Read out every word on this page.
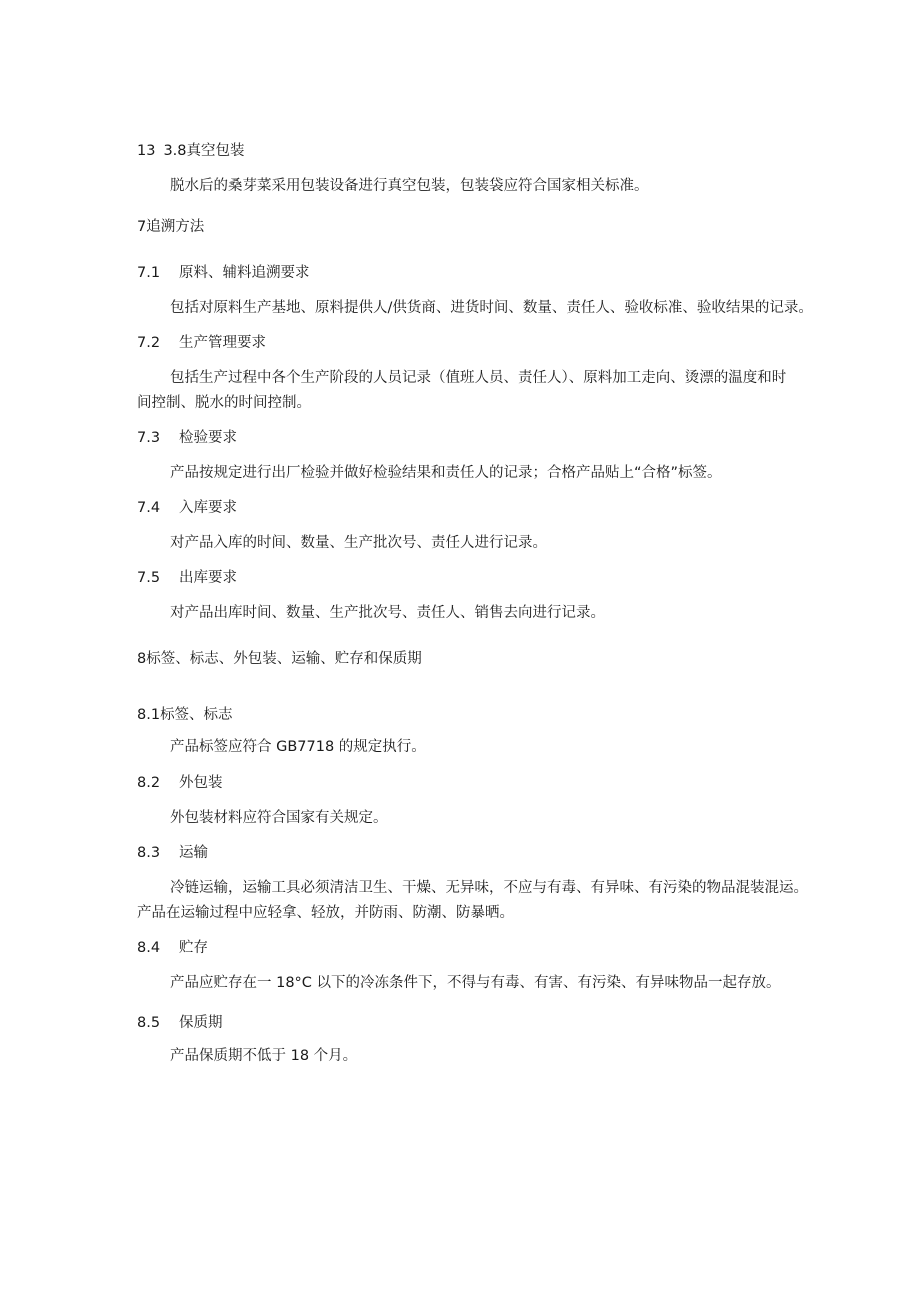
13 3.8真空包装
脱水后的桑芽菜采用包装设备进行真空包装，包装袋应符合国家相关标准。
7追溯方法
7.1 原料、辅料追溯要求
包括对原料生产基地、原料提供人/供货商、进货时间、数量、责任人、验收标准、验收结果的记录。
7.2 生产管理要求
包括生产过程中各个生产阶段的人员记录（值班人员、责任人）、原料加工走向、烫漂的温度和时
间控制、脱水的时间控制。
7.3 检验要求
产品按规定进行出厂检验并做好检验结果和责任人的记录；合格产品贴上“合格”标签。
7.4 入库要求
对产品入库的时间、数量、生产批次号、责任人进行记录。
7.5 出库要求
对产品出库时间、数量、生产批次号、责任人、销售去向进行记录。
8标签、标志、外包装、运输、贮存和保质期
8.1标签、标志
产品标签应符合 GB7718 的规定执行。
8.2 外包装
外包装材料应符合国家有关规定。
8.3 运输
冷链运输，运输工具必须清洁卫生、干燥、无异味，不应与有毒、有异味、有污染的物品混装混运。
产品在运输过程中应轻拿、轻放，并防雨、防潮、防暴晒。
8.4 贮存
产品应贮存在一 18°C 以下的冷冻条件下，不得与有毒、有害、有污染、有异味物品一起存放。
8.5 保质期
产品保质期不低于 18 个月。
